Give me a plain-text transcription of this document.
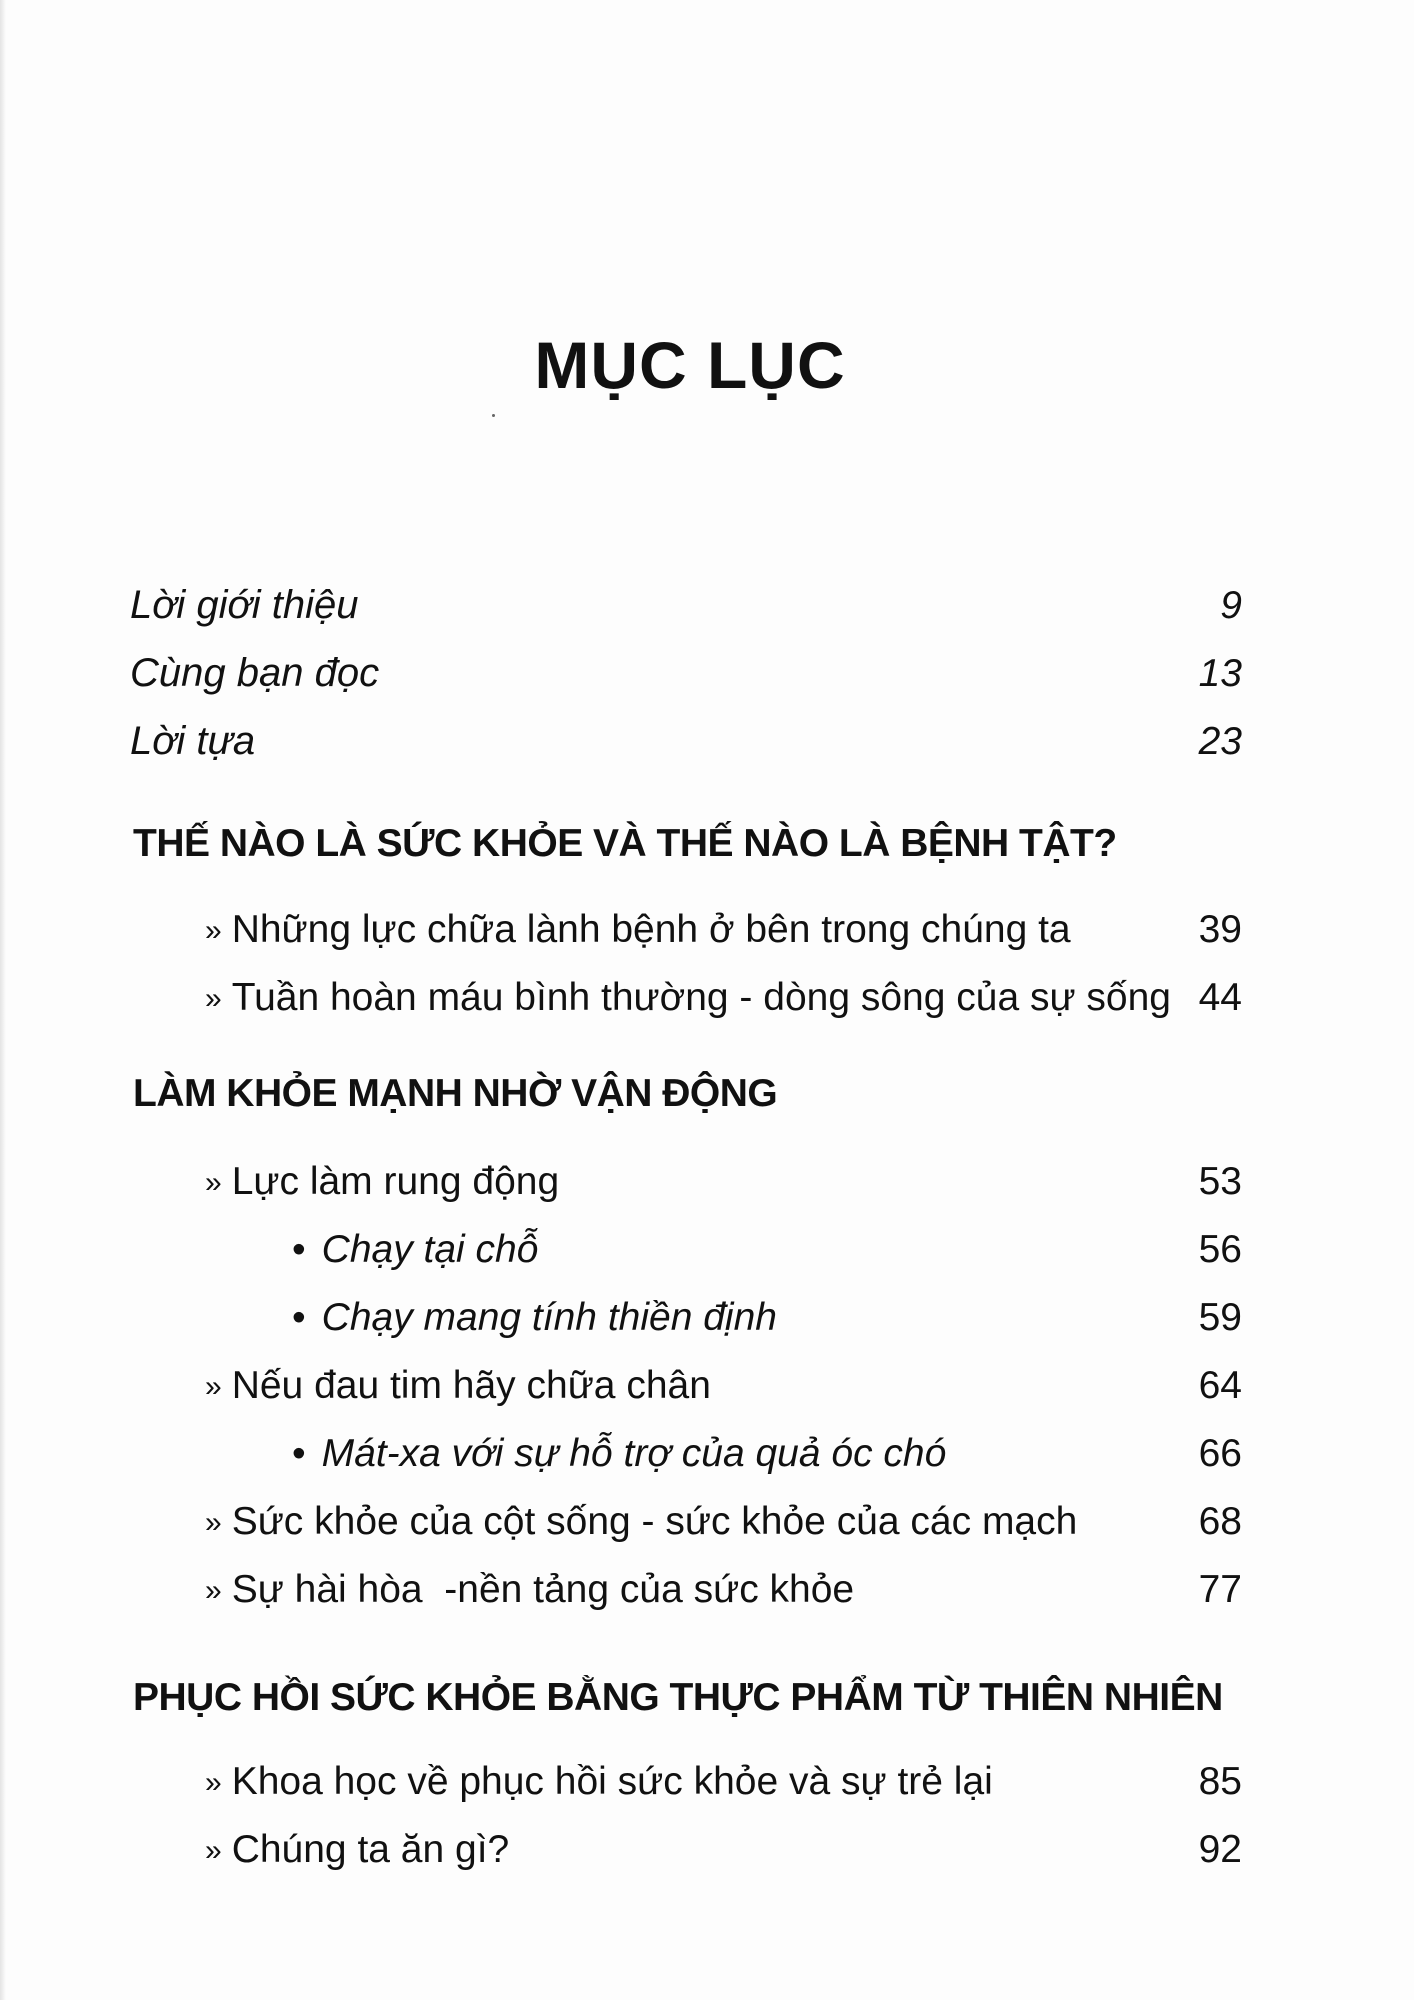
MỤC LỤC
Lời giới thiệu	9
Cùng bạn đọc	13
Lời tựa	23
THẾ NÀO LÀ SỨC KHỎE VÀ THẾ NÀO LÀ BỆNH TẬT?
» Những lực chữa lành bệnh ở bên trong chúng ta	39
» Tuần hoàn máu bình thường - dòng sông của sự sống 44
LÀM KHỎE MẠNH NHỜ VẬN ĐỘNG
» Lực làm rung động	53
• Chạy tại chỗ	56
• Chạy mang tính thiền định	59
» Nếu đau tim hãy chữa chân	64
• Mát-xa với sự hỗ trợ của quả óc chó	66
» Sức khỏe của cột sống - sức khỏe của các mạch	68
» Sự hài hòa  -nền tảng của sức khỏe	77
PHỤC HỒI SỨC KHỎE BẰNG THỰC PHẨM TỪ THIÊN NHIÊN
» Khoa học về phục hồi sức khỏe và sự trẻ lại	85
» Chúng ta ăn gì?	92
